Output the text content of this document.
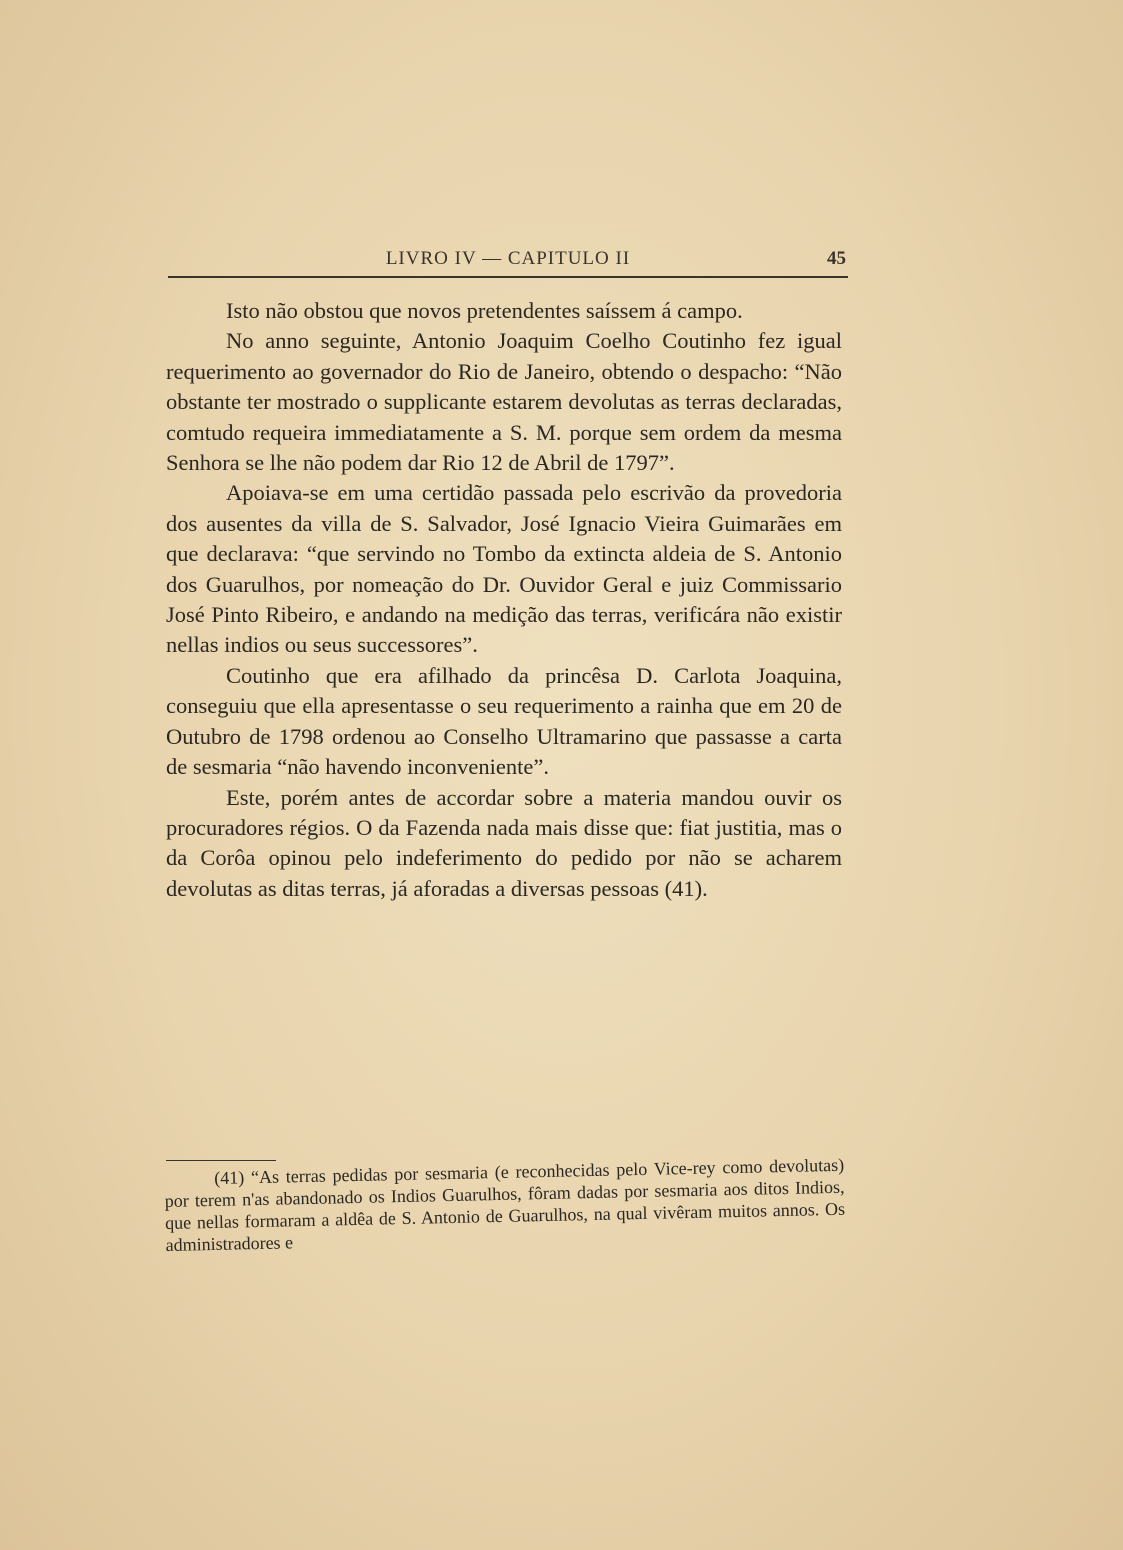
LIVRO IV — CAPITULO II	45

Isto não obstou que novos pretendentes saíssem á campo.

No anno seguinte, Antonio Joaquim Coelho Coutinho fez igual requerimento ao governador do Rio de Janeiro, obtendo o despacho: “Não obstante ter mostrado o supplicante estarem devolutas as terras declaradas, comtudo requeira immediatamente a S. M. porque sem ordem da mesma Senhora se lhe não podem dar Rio 12 de Abril de 1797”.

Apoiava-se em uma certidão passada pelo escrivão da provedoria dos ausentes da villa de S. Salvador, José Ignacio Vieira Guimarães em que declarava: “que servindo no Tombo da extincta aldeia de S. Antonio dos Guarulhos, por nomeação do Dr. Ouvidor Geral e juiz Commissario José Pinto Ribeiro, e andando na medição das terras, verificára não existir nellas indios ou seus successores”.

Coutinho que era afilhado da princêsa D. Carlota Joaquina, conseguiu que ella apresentasse o seu requerimento a rainha que em 20 de Outubro de 1798 ordenou ao Conselho Ultramarino que passasse a carta de sesmaria “não havendo inconveniente”.

Este, porém antes de accordar sobre a materia mandou ouvir os procuradores régios. O da Fazenda nada mais disse que: fiat justitia, mas o da Corôa opinou pelo indeferimento do pedido por não se acharem devolutas as ditas terras, já aforadas a diversas pessoas (41).

(41) “As terras pedidas por sesmaria (e reconhecidas pelo Vice-rey como devolutas) por terem n'as abandonado os Indios Guarulhos, fôram dadas por sesmaria aos ditos Indios, que nellas formaram a aldêa de S. Antonio de Guarulhos, na qual vivêram muitos annos. Os administradores e
